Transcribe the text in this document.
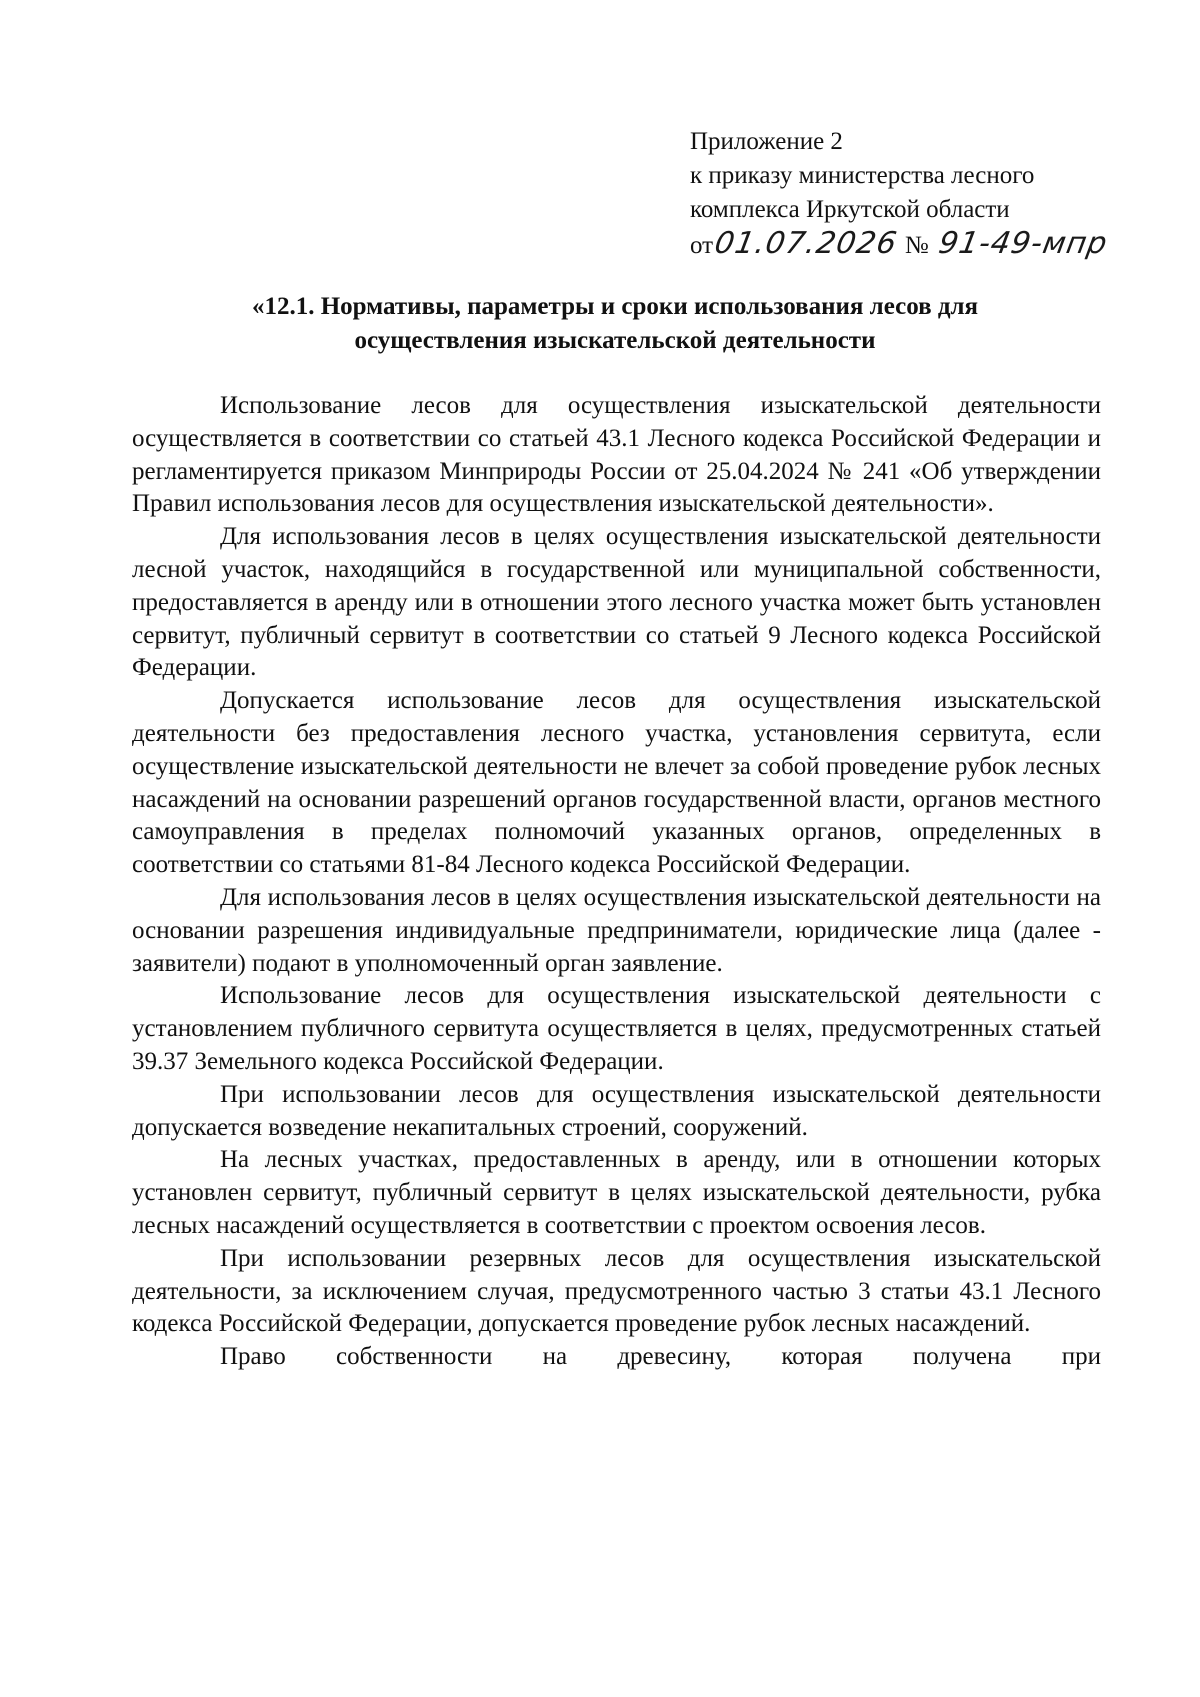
Приложение 2
к приказу министерства лесного
комплекса Иркутской области
от01.07.2026 № 91-49-мпр
«12.1. Нормативы, параметры и сроки использования лесов для
осуществления изыскательской деятельности

Использование лесов для осуществления изыскательской деятельности осуществляется в соответствии со статьей 43.1 Лесного кодекса Российской Федерации и регламентируется приказом Минприроды России от 25.04.2024 № 241 «Об утверждении Правил использования лесов для осуществления изыскательской деятельности».

Для использования лесов в целях осуществления изыскательской деятельности лесной участок, находящийся в государственной или муниципальной собственности, предоставляется в аренду или в отношении этого лесного участка может быть установлен сервитут, публичный сервитут в соответствии со статьей 9 Лесного кодекса Российской Федерации.

Допускается использование лесов для осуществления изыскательской деятельности без предоставления лесного участка, установления сервитута, если осуществление изыскательской деятельности не влечет за собой проведение рубок лесных насаждений на основании разрешений органов государственной власти, органов местного самоуправления в пределах полномочий указанных органов, определенных в соответствии со статьями 81-84 Лесного кодекса Российской Федерации.

Для использования лесов в целях осуществления изыскательской деятельности на основании разрешения индивидуальные предприниматели, юридические лица (далее - заявители) подают в уполномоченный орган заявление.

Использование лесов для осуществления изыскательской деятельности с установлением публичного сервитута осуществляется в целях, предусмотренных статьей 39.37 Земельного кодекса Российской Федерации.

При использовании лесов для осуществления изыскательской деятельности допускается возведение некапитальных строений, сооружений.

На лесных участках, предоставленных в аренду, или в отношении которых установлен сервитут, публичный сервитут в целях изыскательской деятельности, рубка лесных насаждений осуществляется в соответствии с проектом освоения лесов.

При использовании резервных лесов для осуществления изыскательской деятельности, за исключением случая, предусмотренного частью 3 статьи 43.1 Лесного кодекса Российской Федерации, допускается проведение рубок лесных насаждений.

Право собственности на древесину, которая получена при
